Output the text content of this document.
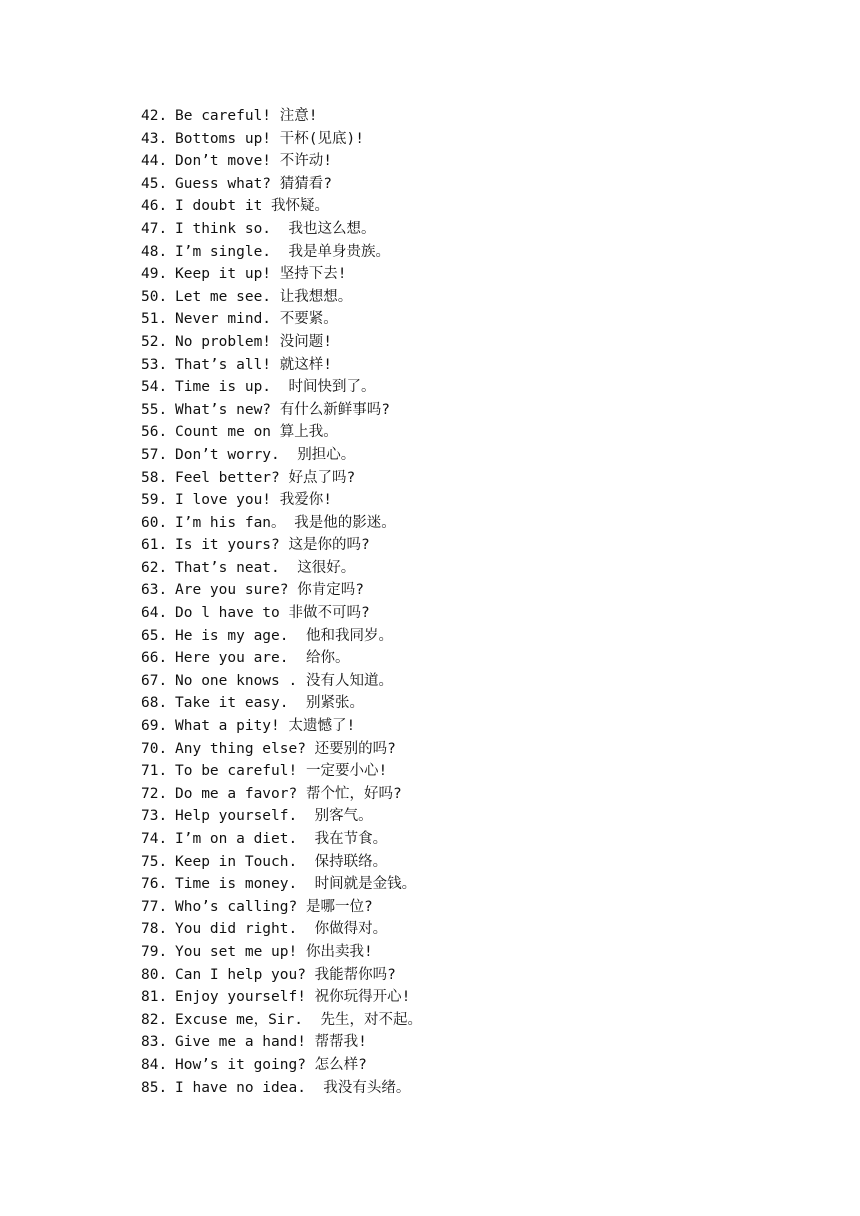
42. Be careful! 注意!
43. Bottoms up! 干杯(见底)!
44. Don’t move! 不许动!
45. Guess what? 猜猜看?
46. I doubt it 我怀疑。
47. I think so.  我也这么想。
48. I’m single.  我是单身贵族。
49. Keep it up! 坚持下去!
50. Let me see. 让我想想。
51. Never mind. 不要紧。
52. No problem! 没问题!
53. That’s all! 就这样!
54. Time is up.  时间快到了。
55. What’s new? 有什么新鲜事吗?
56. Count me on 算上我。
57. Don’t worry.  别担心。
58. Feel better? 好点了吗?
59. I love you! 我爱你!
60. I’m his fan。 我是他的影迷。
61. Is it yours? 这是你的吗?
62. That’s neat.  这很好。
63. Are you sure? 你肯定吗?
64. Do l have to 非做不可吗?
65. He is my age.  他和我同岁。
66. Here you are.  给你。
67. No one knows . 没有人知道。
68. Take it easy.  别紧张。
69. What a pity! 太遗憾了!
70. Any thing else? 还要别的吗?
71. To be careful! 一定要小心!
72. Do me a favor? 帮个忙，好吗?
73. Help yourself.  别客气。
74. I’m on a diet.  我在节食。
75. Keep in Touch.  保持联络。
76. Time is money.  时间就是金钱。
77. Who’s calling? 是哪一位?
78. You did right.  你做得对。
79. You set me up! 你出卖我!
80. Can I help you? 我能帮你吗?
81. Enjoy yourself! 祝你玩得开心!
82. Excuse me，Sir.  先生，对不起。
83. Give me a hand! 帮帮我!
84. How’s it going? 怎么样?
85. I have no idea.  我没有头绪。
